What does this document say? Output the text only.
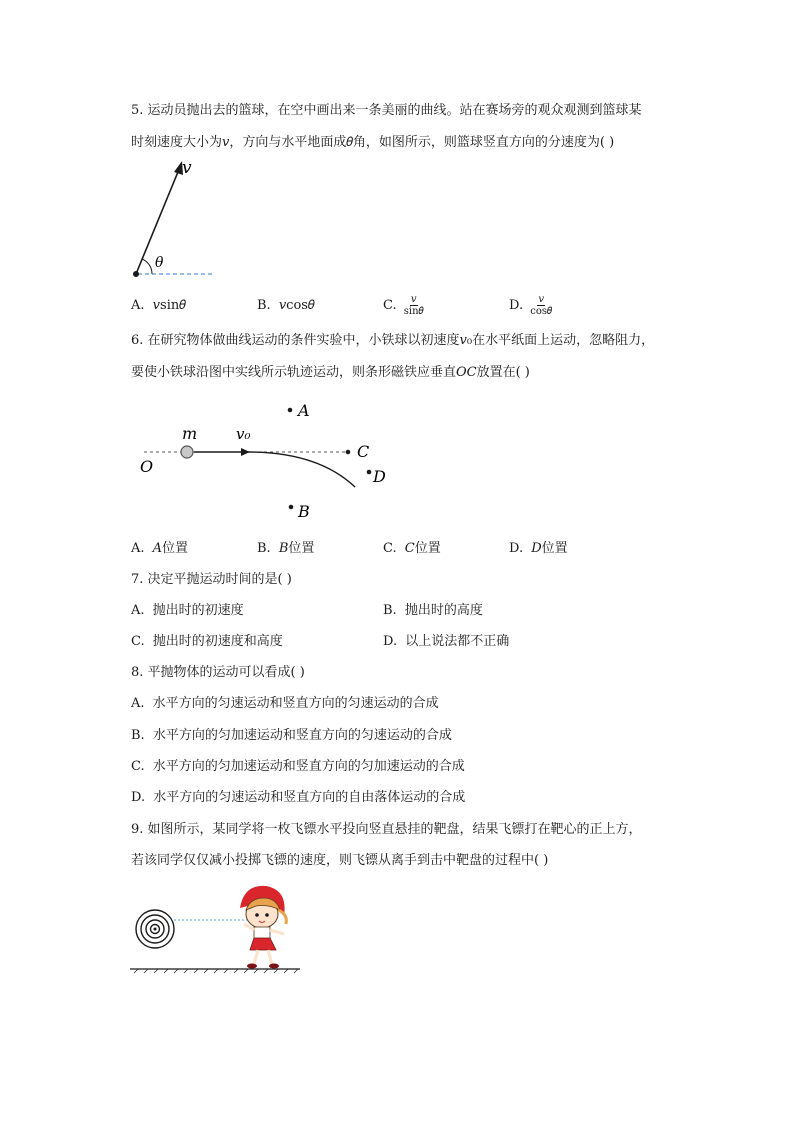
5. 运动员抛出去的篮球，在空中画出来一条美丽的曲线。站在赛场旁的观众观测到篮球某
时刻速度大小为𝑣，方向与水平地面成𝜃角，如图所示，则篮球竖直方向的分速度为( )
𝑣
𝜃
A. 𝑣sin𝜃	B. 𝑣cos𝜃	C. $\frac{\text{𝑣}}{\text{sin𝜃}}$	D. $\frac{\text{𝑣}}{\text{cos𝜃}}$
6. 在研究物体做曲线运动的条件实验中，小铁球以初速度𝑣₀在水平纸面上运动，忽略阻力，
要使小铁球沿图中实线所示轨迹运动，则条形磁铁应垂直𝑂𝐶放置在( )
A
C
D
B
O
m	v₀
A. 𝐴位置	B. 𝐵位置	C. 𝐶位置	D. 𝐷位置
7. 决定平抛运动时间的是( )
A. 抛出时的初速度	B. 抛出时的高度
C. 抛出时的初速度和高度	D. 以上说法都不正确
8. 平抛物体的运动可以看成( )
A. 水平方向的匀速运动和竖直方向的匀速运动的合成
B. 水平方向的匀加速运动和竖直方向的匀速运动的合成
C. 水平方向的匀加速运动和竖直方向的匀加速运动的合成
D. 水平方向的匀速运动和竖直方向的自由落体运动的合成
9. 如图所示，某同学将一枚飞镖水平投向竖直悬挂的靶盘，结果飞镖打在靶心的正上方，
若该同学仅仅减小投掷飞镖的速度，则飞镖从离手到击中靶盘的过程中( )
